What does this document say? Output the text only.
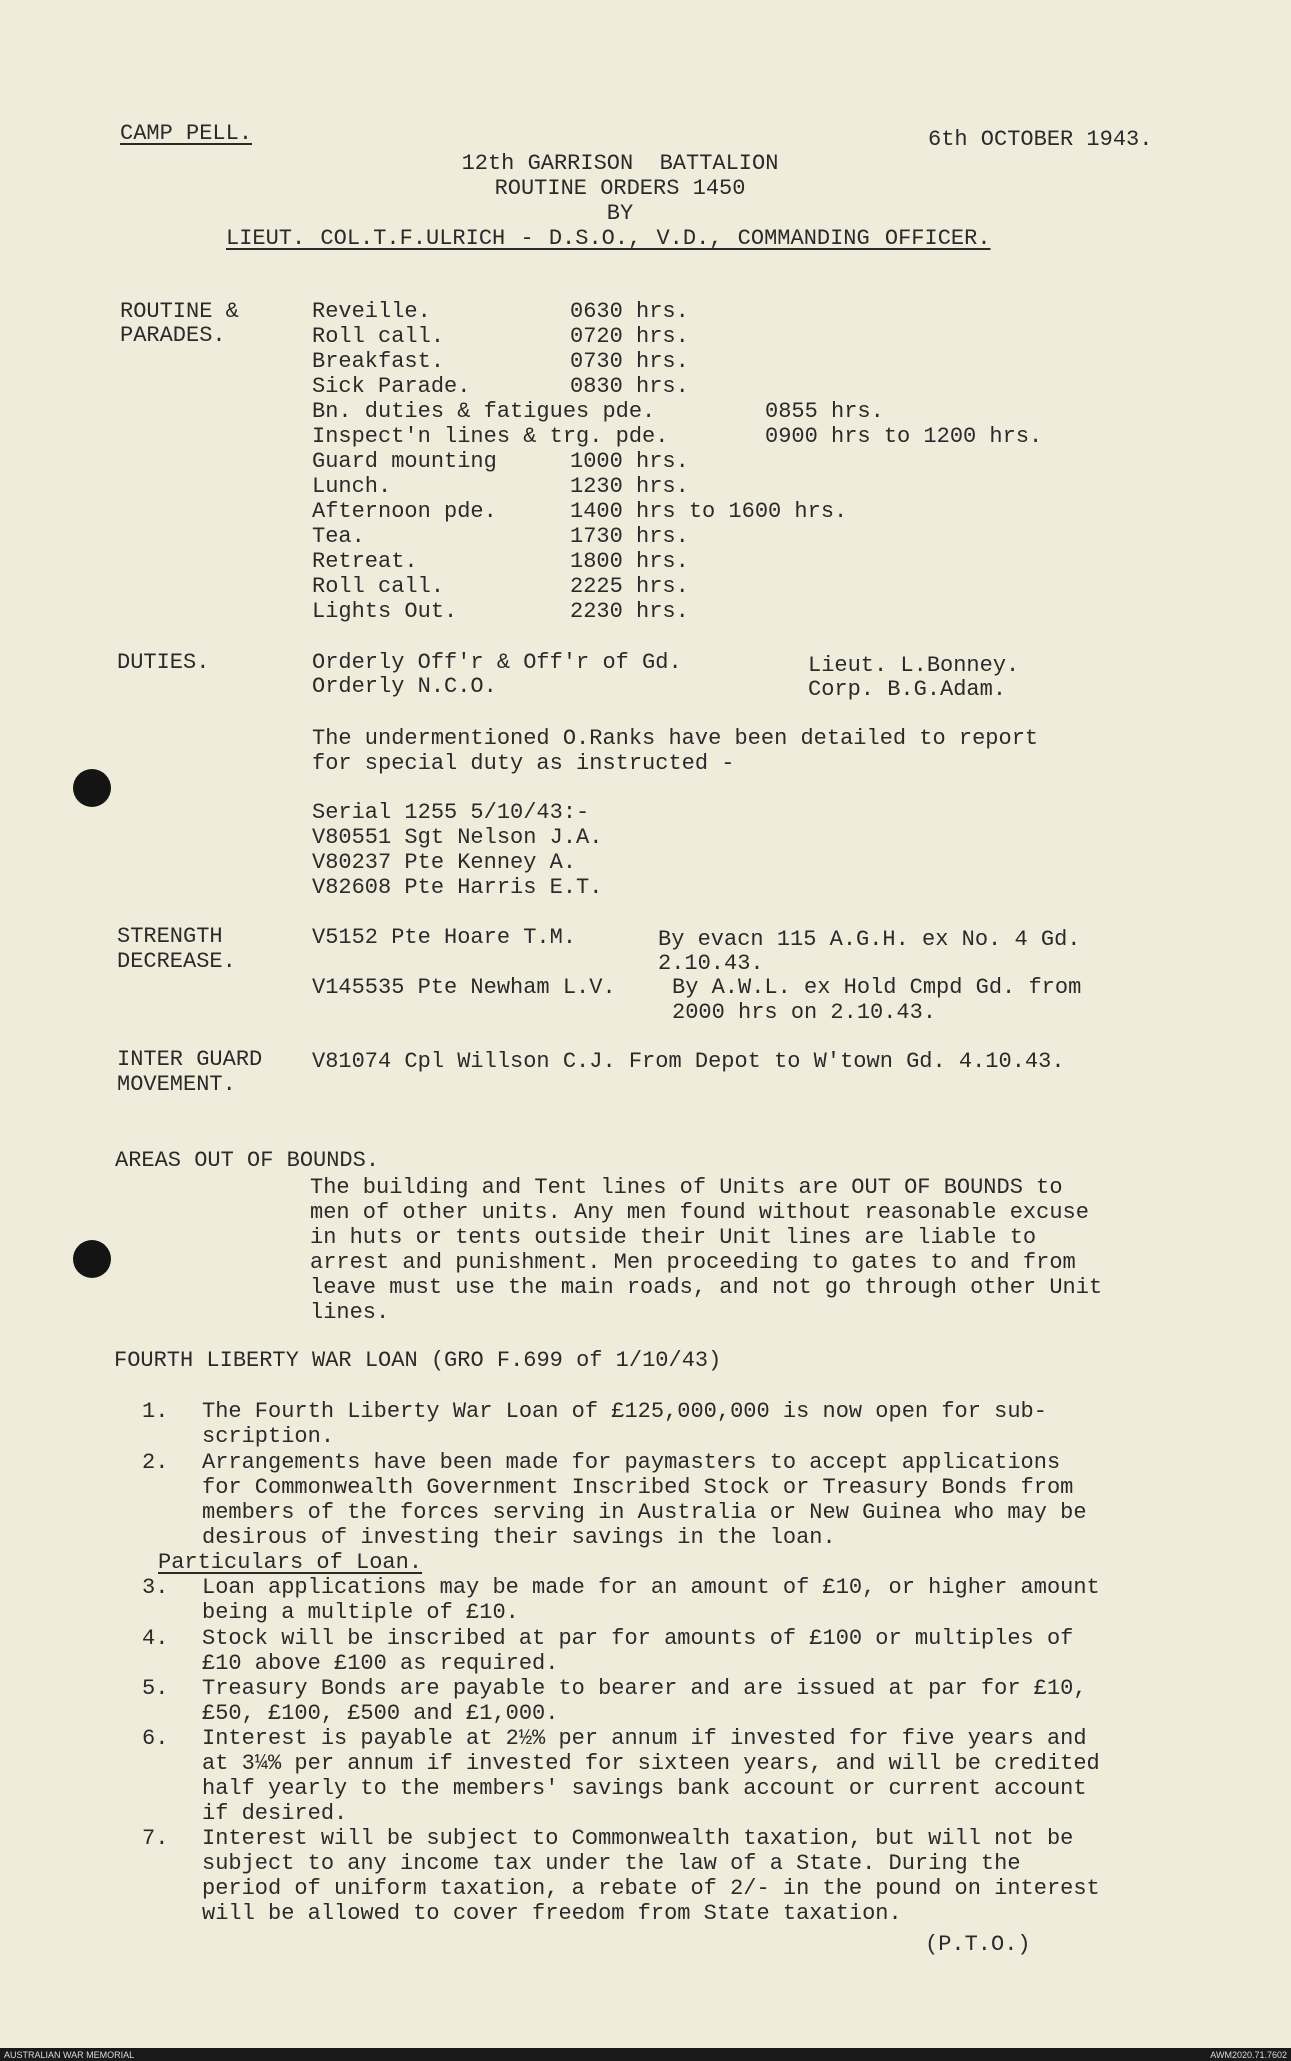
CAMP PELL.	6th OCTOBER 1943.
12th GARRISON  BATTALION
ROUTINE ORDERS 1450
BY
LIEUT. COL.T.F.ULRICH - D.S.O., V.D., COMMANDING OFFICER.
ROUTINE &
PARADES.
Reveille.	0630 hrs.
Roll call.	0720 hrs.
Breakfast.	0730 hrs.
Sick Parade.	0830 hrs.
Bn. duties & fatigues pde.	0855 hrs.
Inspect'n lines & trg. pde.	0900 hrs to 1200 hrs.
Guard mounting	1000 hrs.
Lunch.	1230 hrs.
Afternoon pde.	1400 hrs to 1600 hrs.
Tea.	1730 hrs.
Retreat.	1800 hrs.
Roll call.	2225 hrs.
Lights Out.	2230 hrs.
DUTIES.	Orderly Off'r & Off'r of Gd.	Lieut. L.Bonney.
Orderly N.C.O.	Corp. B.G.Adam.
The undermentioned O.Ranks have been detailed to report
for special duty as instructed -
Serial 1255 5/10/43:-
V80551 Sgt Nelson J.A.
V80237 Pte Kenney A.
V82608 Pte Harris E.T.
STRENGTH
DECREASE.
V5152 Pte Hoare T.M.	By evacn 115 A.G.H. ex No. 4 Gd.
2.10.43.
V145535 Pte Newham L.V.	By A.W.L. ex Hold Cmpd Gd. from
2000 hrs on 2.10.43.
INTER GUARD
MOVEMENT.
V81074 Cpl Willson C.J. From Depot to W'town Gd. 4.10.43.
AREAS OUT OF BOUNDS.
The building and Tent lines of Units are OUT OF BOUNDS to
men of other units. Any men found without reasonable excuse
in huts or tents outside their Unit lines are liable to
arrest and punishment. Men proceeding to gates to and from
leave must use the main roads, and not go through other Unit
lines.
FOURTH LIBERTY WAR LOAN (GRO F.699 of 1/10/43)
1. The Fourth Liberty War Loan of £125,000,000 is now open for sub-
scription.
2. Arrangements have been made for paymasters to accept applications
for Commonwealth Government Inscribed Stock or Treasury Bonds from
members of the forces serving in Australia or New Guinea who may be
desirous of investing their savings in the loan.
Particulars of Loan.
3. Loan applications may be made for an amount of £10, or higher amount
being a multiple of £10.
4. Stock will be inscribed at par for amounts of £100 or multiples of
£10 above £100 as required.
5. Treasury Bonds are payable to bearer and are issued at par for £10,
£50, £100, £500 and £1,000.
6. Interest is payable at 2½% per annum if invested for five years and
at 3¼% per annum if invested for sixteen years, and will be credited
half yearly to the members' savings bank account or current account
if desired.
7. Interest will be subject to Commonwealth taxation, but will not be
subject to any income tax under the law of a State. During the
period of uniform taxation, a rebate of 2/- in the pound on interest
will be allowed to cover freedom from State taxation.
(P.T.O.)
AUSTRALIAN WAR MEMORIAL	AWM2020.71.7602
